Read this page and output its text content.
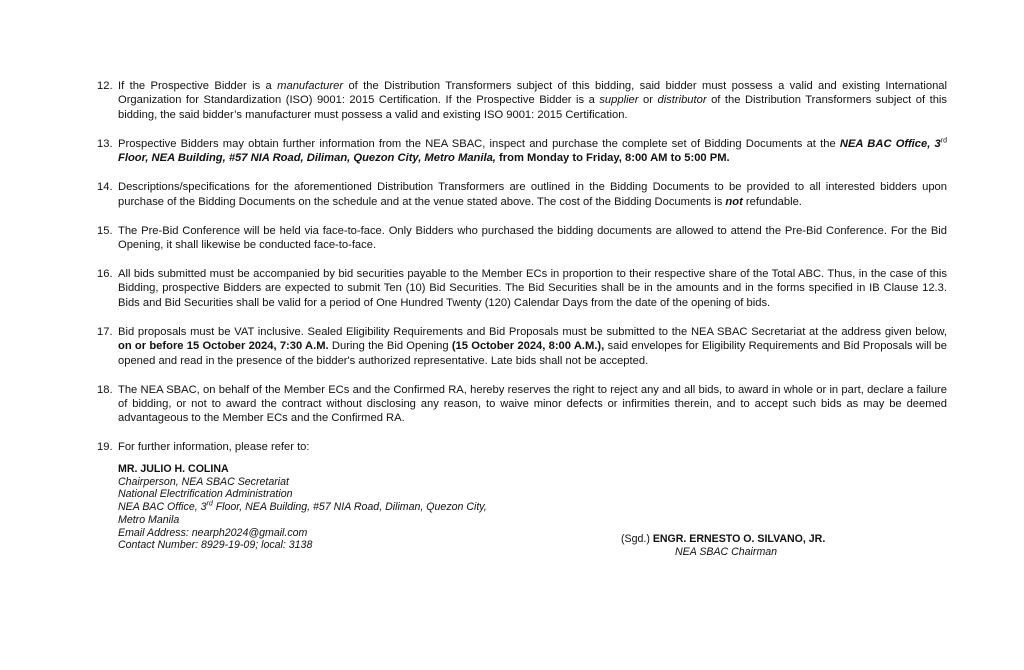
12. If the Prospective Bidder is a manufacturer of the Distribution Transformers subject of this bidding, said bidder must possess a valid and existing International Organization for Standardization (ISO) 9001: 2015 Certification. If the Prospective Bidder is a supplier or distributor of the Distribution Transformers subject of this bidding, the said bidder’s manufacturer must possess a valid and existing ISO 9001: 2015 Certification.
13. Prospective Bidders may obtain further information from the NEA SBAC, inspect and purchase the complete set of Bidding Documents at the NEA BAC Office, 3rd Floor, NEA Building, #57 NIA Road, Diliman, Quezon City, Metro Manila, from Monday to Friday, 8:00 AM to 5:00 PM.
14. Descriptions/specifications for the aforementioned Distribution Transformers are outlined in the Bidding Documents to be provided to all interested bidders upon purchase of the Bidding Documents on the schedule and at the venue stated above. The cost of the Bidding Documents is not refundable.
15. The Pre-Bid Conference will be held via face-to-face. Only Bidders who purchased the bidding documents are allowed to attend the Pre-Bid Conference. For the Bid Opening, it shall likewise be conducted face-to-face.
16. All bids submitted must be accompanied by bid securities payable to the Member ECs in proportion to their respective share of the Total ABC. Thus, in the case of this Bidding, prospective Bidders are expected to submit Ten (10) Bid Securities. The Bid Securities shall be in the amounts and in the forms specified in IB Clause 12.3. Bids and Bid Securities shall be valid for a period of One Hundred Twenty (120) Calendar Days from the date of the opening of bids.
17. Bid proposals must be VAT inclusive. Sealed Eligibility Requirements and Bid Proposals must be submitted to the NEA SBAC Secretariat at the address given below, on or before 15 October 2024, 7:30 A.M. During the Bid Opening (15 October 2024, 8:00 A.M.), said envelopes for Eligibility Requirements and Bid Proposals will be opened and read in the presence of the bidder's authorized representative. Late bids shall not be accepted.
18. The NEA SBAC, on behalf of the Member ECs and the Confirmed RA, hereby reserves the right to reject any and all bids, to award in whole or in part, declare a failure of bidding, or not to award the contract without disclosing any reason, to waive minor defects or infirmities therein, and to accept such bids as may be deemed advantageous to the Member ECs and the Confirmed RA.
19. For further information, please refer to:
MR. JULIO H. COLINA
Chairperson, NEA SBAC Secretariat
National Electrification Administration
NEA BAC Office, 3rd Floor, NEA Building, #57 NIA Road, Diliman, Quezon City,
Metro Manila
Email Address: nearph2024@gmail.com
Contact Number: 8929-19-09; local: 3138
(Sgd.) ENGR. ERNESTO O. SILVANO, JR.
NEA SBAC Chairman
